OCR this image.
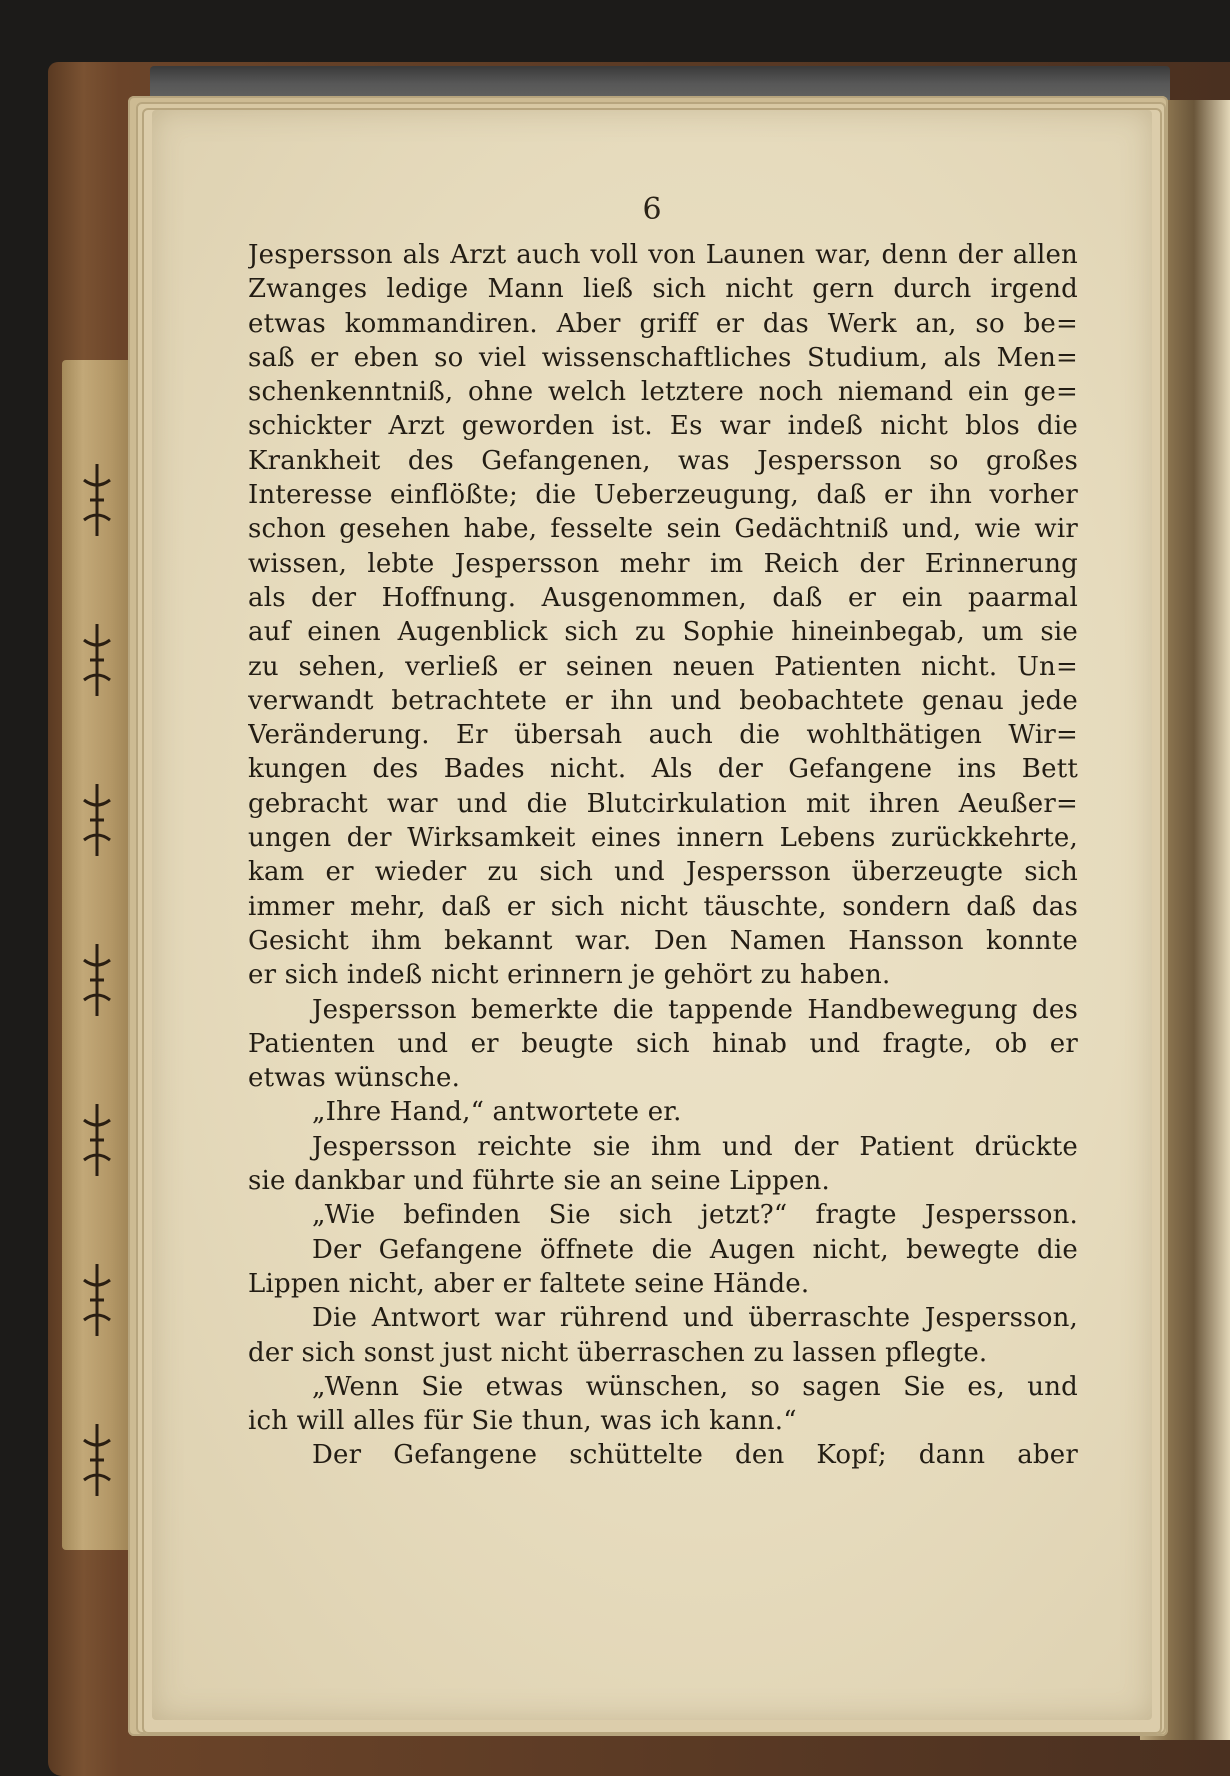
6
Jespersson als Arzt auch voll von Launen war, denn der allen
Zwanges ledige Mann ließ sich nicht gern durch irgend
etwas kommandiren. Aber griff er das Werk an, so be=
saß er eben so viel wissenschaftliches Studium, als Men=
schenkenntniß, ohne welch letztere noch niemand ein ge=
schickter Arzt geworden ist. Es war indeß nicht blos die
Krankheit des Gefangenen, was Jespersson so großes
Interesse einflößte; die Ueberzeugung, daß er ihn vorher
schon gesehen habe, fesselte sein Gedächtniß und, wie wir
wissen, lebte Jespersson mehr im Reich der Erinnerung
als der Hoffnung. Ausgenommen, daß er ein paarmal
auf einen Augenblick sich zu Sophie hineinbegab, um sie
zu sehen, verließ er seinen neuen Patienten nicht. Un=
verwandt betrachtete er ihn und beobachtete genau jede
Veränderung. Er übersah auch die wohlthätigen Wir=
kungen des Bades nicht. Als der Gefangene ins Bett
gebracht war und die Blutcirkulation mit ihren Aeußer=
ungen der Wirksamkeit eines innern Lebens zurückkehrte,
kam er wieder zu sich und Jespersson überzeugte sich
immer mehr, daß er sich nicht täuschte, sondern daß das
Gesicht ihm bekannt war. Den Namen Hansson konnte
er sich indeß nicht erinnern je gehört zu haben.
Jespersson bemerkte die tappende Handbewegung des
Patienten und er beugte sich hinab und fragte, ob er
etwas wünsche.
„Ihre Hand,“ antwortete er.
Jespersson reichte sie ihm und der Patient drückte
sie dankbar und führte sie an seine Lippen.
„Wie befinden Sie sich jetzt?“ fragte Jespersson.
Der Gefangene öffnete die Augen nicht, bewegte die
Lippen nicht, aber er faltete seine Hände.
Die Antwort war rührend und überraschte Jespersson,
der sich sonst just nicht überraschen zu lassen pflegte.
„Wenn Sie etwas wünschen, so sagen Sie es, und
ich will alles für Sie thun, was ich kann.“
Der Gefangene schüttelte den Kopf; dann aber
